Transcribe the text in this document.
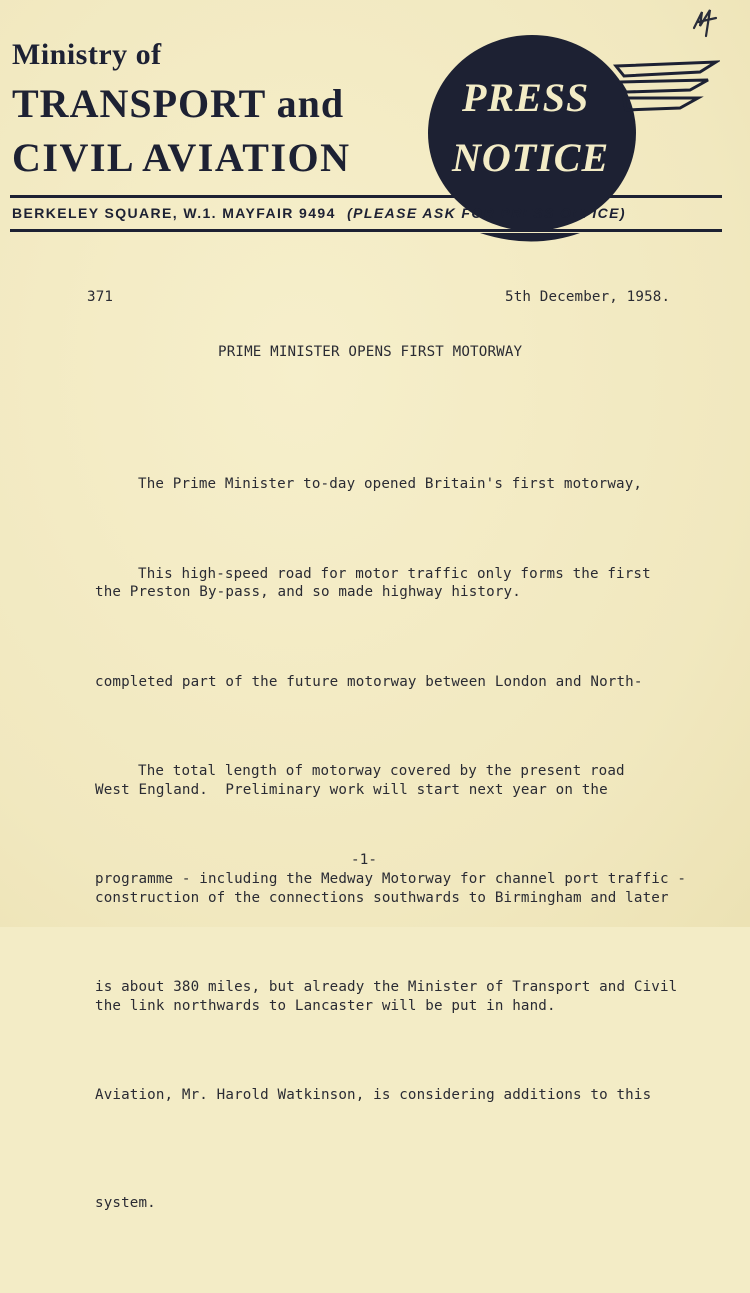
Ministry of
TRANSPORT and
CIVIL AVIATION
PRESS
NOTICE
BERKELEY SQUARE, W.1. MAYFAIR 9494 (PLEASE ASK FOR PRESS OFFICE)
371	5th December, 1958.
PRIME MINISTER OPENS FIRST MOTORWAY

The Prime Minister to-day opened Britain's first motorway,

the Preston By-pass, and so made highway history.

This high-speed road for motor traffic only forms the first

completed part of the future motorway between London and North-

West England.  Preliminary work will start next year on the

construction of the connections southwards to Birmingham and later

the link northwards to Lancaster will be put in hand.

The total length of motorway covered by the present road

programme - including the Medway Motorway for channel port traffic -

is about 380 miles, but already the Minister of Transport and Civil

Aviation, Mr. Harold Watkinson, is considering additions to this

system.

-1-
